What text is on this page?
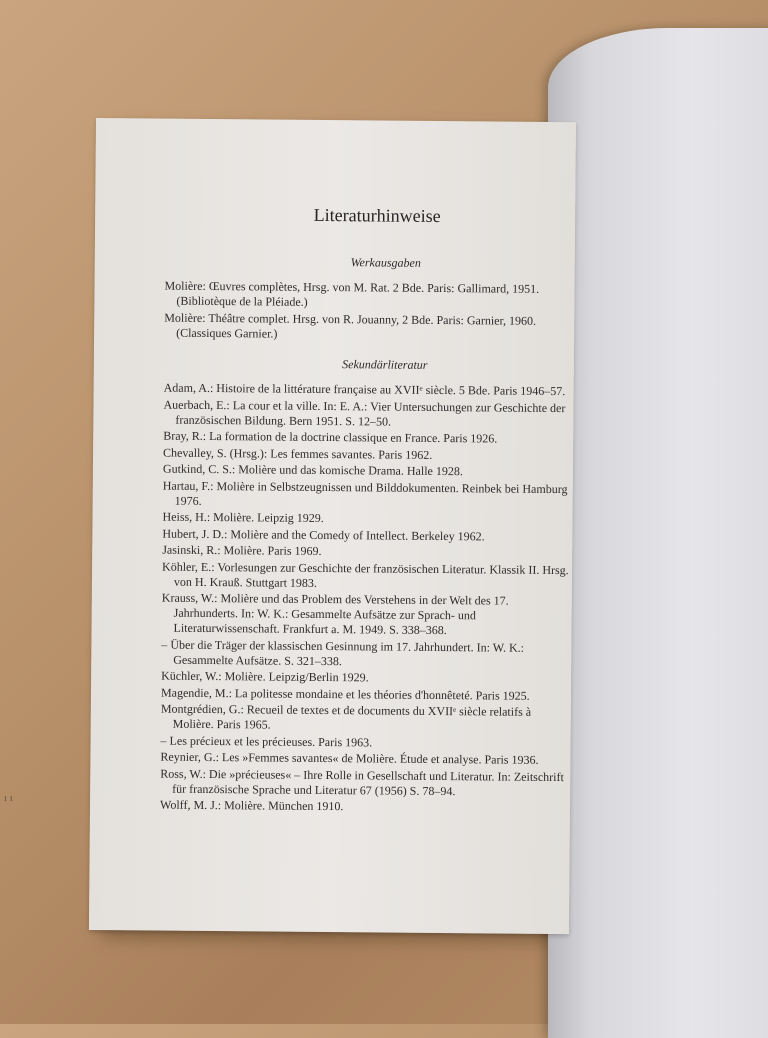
Literaturhinweise
Werkausgaben
Molière: Œuvres complètes, Hrsg. von M. Rat. 2 Bde. Paris: Gallimard, 1951. (Bibliotèque de la Pléiade.)
Molière: Théâtre complet. Hrsg. von R. Jouanny, 2 Bde. Paris: Garnier, 1960. (Classiques Garnier.)
Sekundärliteratur
Adam, A.: Histoire de la littérature française au XVIIᵉ siècle. 5 Bde. Paris 1946–57.
Auerbach, E.: La cour et la ville. In: E. A.: Vier Untersuchungen zur Geschichte der französischen Bildung. Bern 1951. S. 12–50.
Bray, R.: La formation de la doctrine classique en France. Paris 1926.
Chevalley, S. (Hrsg.): Les femmes savantes. Paris 1962.
Gutkind, C. S.: Molière und das komische Drama. Halle 1928.
Hartau, F.: Molière in Selbstzeugnissen und Bilddokumenten. Reinbek bei Hamburg 1976.
Heiss, H.: Molière. Leipzig 1929.
Hubert, J. D.: Molière and the Comedy of Intellect. Berkeley 1962.
Jasinski, R.: Molière. Paris 1969.
Köhler, E.: Vorlesungen zur Geschichte der französischen Literatur. Klassik II. Hrsg. von H. Krauß. Stuttgart 1983.
Krauss, W.: Molière und das Problem des Verstehens in der Welt des 17. Jahrhunderts. In: W. K.: Gesammelte Aufsätze zur Sprach- und Literaturwissenschaft. Frankfurt a. M. 1949. S. 338–368.
– Über die Träger der klassischen Gesinnung im 17. Jahrhundert. In: W. K.: Gesammelte Aufsätze. S. 321–338.
Küchler, W.: Molière. Leipzig/Berlin 1929.
Magendie, M.: La politesse mondaine et les théories d'honnêteté. Paris 1925.
Montgrédien, G.: Recueil de textes et de documents du XVIIᵉ siècle relatifs à Molière. Paris 1965.
– Les précieux et les précieuses. Paris 1963.
Reynier, G.: Les »Femmes savantes« de Molière. Étude et analyse. Paris 1936.
Ross, W.: Die »précieuses« – Ihre Rolle in Gesellschaft und Literatur. In: Zeitschrift für französische Sprache und Literatur 67 (1956) S. 78–94.
Wolff, M. J.: Molière. München 1910.
ı ı
